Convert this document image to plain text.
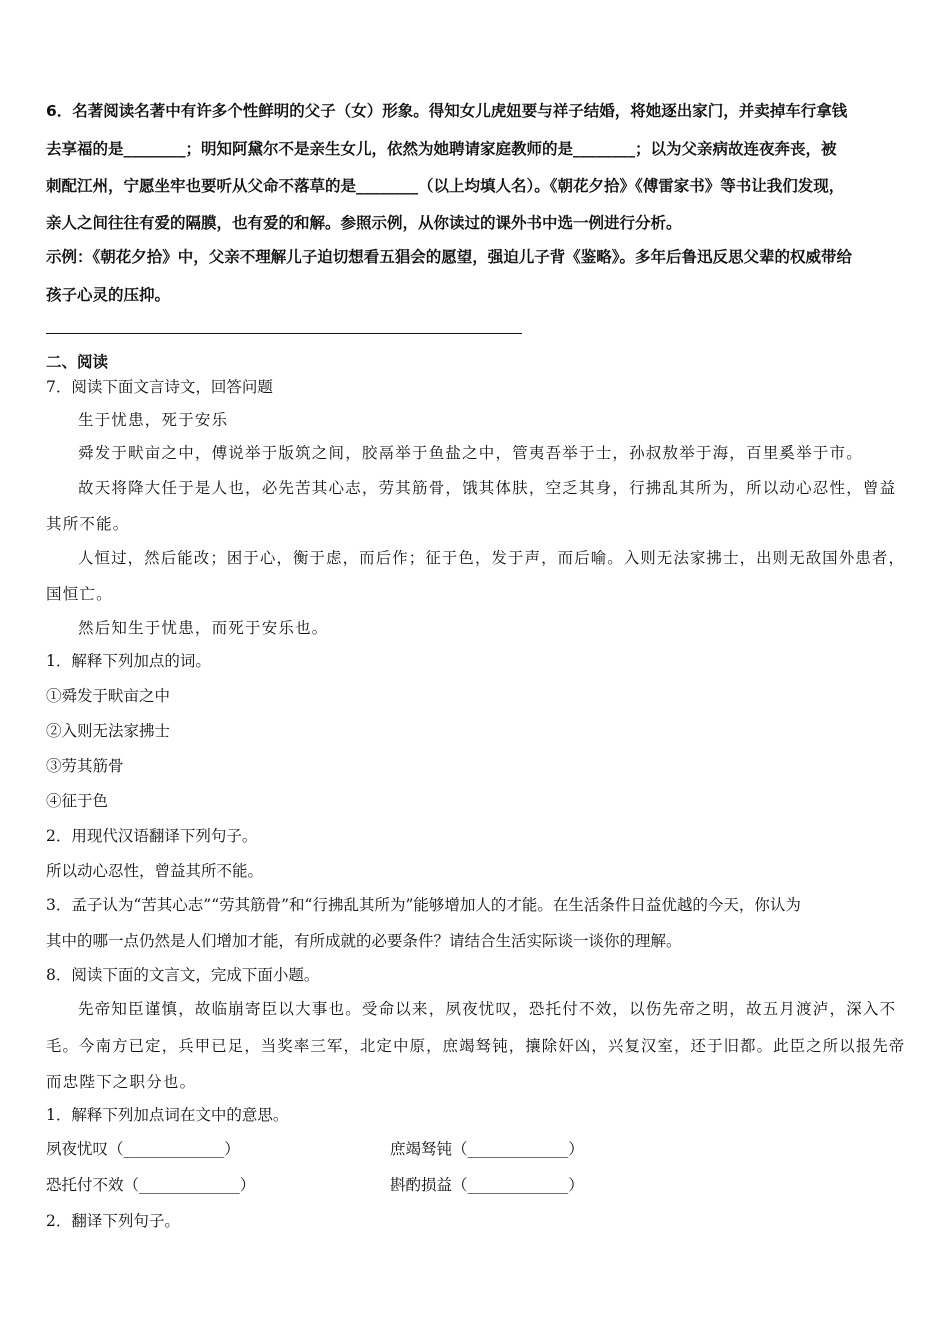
6．名著阅读名著中有许多个性鲜明的父子（女）形象。得知女儿虎妞要与祥子结婚，将她逐出家门，并卖掉车行拿钱
去享福的是________；明知阿黛尔不是亲生女儿，依然为她聘请家庭教师的是________；以为父亲病故连夜奔丧，被
刺配江州，宁愿坐牢也要听从父命不落草的是________（以上均填人名）。《朝花夕拾》《傅雷家书》等书让我们发现，
亲人之间往往有爱的隔膜，也有爱的和解。参照示例，从你读过的课外书中选一例进行分析。
示例：《朝花夕拾》中，父亲不理解儿子迫切想看五猖会的愿望，强迫儿子背《鉴略》。多年后鲁迅反思父辈的权威带给
孩子心灵的压抑。
二、阅读
7．阅读下面文言诗文，回答问题
生于忧患，死于安乐
舜发于畎亩之中，傅说举于版筑之间，胶鬲举于鱼盐之中，管夷吾举于士，孙叔敖举于海，百里奚举于市。
故天将降大任于是人也，必先苦其心志，劳其筋骨，饿其体肤，空乏其身，行拂乱其所为，所以动心忍性，曾益
其所不能。
人恒过，然后能改；困于心，衡于虑，而后作；征于色，发于声，而后喻。入则无法家拂士，出则无敌国外患者，
国恒亡。
然后知生于忧患，而死于安乐也。
1．解释下列加点的词。
①舜发于畎亩之中
②入则无法家拂士
③劳其筋骨
④征于色
2．用现代汉语翻译下列句子。
所以动心忍性，曾益其所不能。
3．孟子认为“苦其心志”“劳其筋骨”和“行拂乱其所为”能够增加人的才能。在生活条件日益优越的今天，你认为
其中的哪一点仍然是人们增加才能，有所成就的必要条件？请结合生活实际谈一谈你的理解。
8．阅读下面的文言文，完成下面小题。
先帝知臣谨慎，故临崩寄臣以大事也。受命以来，夙夜忧叹，恐托付不效，以伤先帝之明，故五月渡泸，深入不
毛。今南方已定，兵甲已足，当奖率三军，北定中原，庶竭驽钝，攘除奸凶，兴复汉室，还于旧都。此臣之所以报先帝
而忠陛下之职分也。
1．解释下列加点词在文中的意思。
夙夜忧叹（_____________）	庶竭驽钝（_____________）
恐托付不效（_____________）	斟酌损益（_____________）
2．翻译下列句子。
